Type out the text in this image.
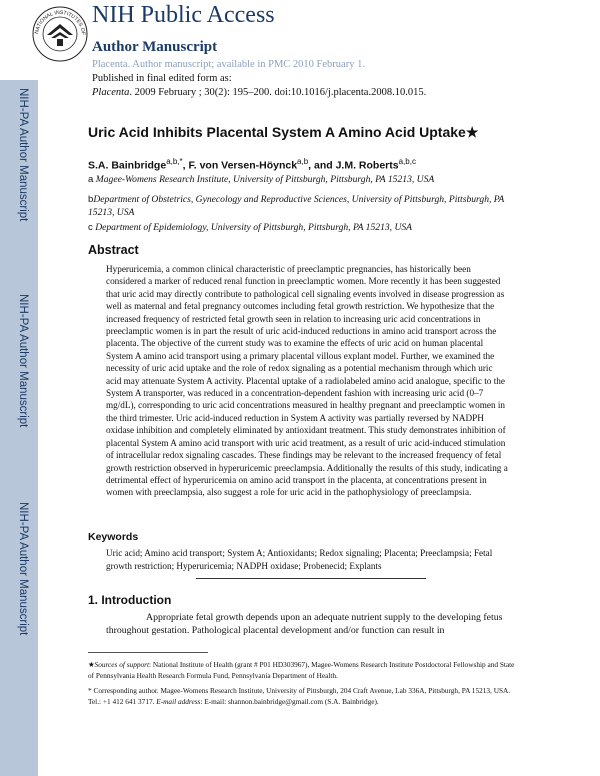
NIH-PA Author Manuscript
NIH-PA Author Manuscript
NIH-PA Author Manuscript
NATIONAL INSTITUTES OF
NIH Public Access
Author Manuscript
Placenta. Author manuscript; available in PMC 2010 February 1.
Published in final edited form as:
Placenta. 2009 February ; 30(2): 195–200. doi:10.1016/j.placenta.2008.10.015.
Uric Acid Inhibits Placental System A Amino Acid Uptake★
S.A. Bainbridge$^{a,b,*}$, F. von Versen-Höynck$^{a,b}$, and J.M. Roberts$^{a,b,c}$
a Magee-Womens Research Institute, University of Pittsburgh, Pittsburgh, PA 15213, USA
bDepartment of Obstetrics, Gynecology and Reproductive Sciences, University of Pittsburgh, Pittsburgh, PA 15213, USA
c Department of Epidemiology, University of Pittsburgh, Pittsburgh, PA 15213, USA
Abstract
Hyperuricemia, a common clinical characteristic of preeclamptic pregnancies, has historically been considered a marker of reduced renal function in preeclamptic women. More recently it has been suggested that uric acid may directly contribute to pathological cell signaling events involved in disease progression as well as maternal and fetal pregnancy outcomes including fetal growth restriction. We hypothesize that the increased frequency of restricted fetal growth seen in relation to increasing uric acid concentrations in preeclamptic women is in part the result of uric acid-induced reductions in amino acid transport across the placenta. The objective of the current study was to examine the effects of uric acid on human placental System A amino acid transport using a primary placental villous explant model. Further, we examined the necessity of uric acid uptake and the role of redox signaling as a potential mechanism through which uric acid may attenuate System A activity. Placental uptake of a radiolabeled amino acid analogue, specific to the System A transporter, was reduced in a concentration-dependent fashion with increasing uric acid (0–7 mg/dL), corresponding to uric acid concentrations measured in healthy pregnant and preeclamptic women in the third trimester. Uric acid-induced reduction in System A activity was partially reversed by NADPH oxidase inhibition and completely eliminated by antioxidant treatment. This study demonstrates inhibition of placental System A amino acid transport with uric acid treatment, as a result of uric acid-induced stimulation of intracellular redox signaling cascades. These findings may be relevant to the increased frequency of fetal growth restriction observed in hyperuricemic preeclampsia. Additionally the results of this study, indicating a detrimental effect of hyperuricemia on amino acid transport in the placenta, at concentrations present in women with preeclampsia, also suggest a role for uric acid in the pathophysiology of preeclampsia.
Keywords
Uric acid; Amino acid transport; System A; Antioxidants; Redox signaling; Placenta; Preeclampsia; Fetal growth restriction; Hyperuricemia; NADPH oxidase; Probenecid; Explants
1. Introduction
Appropriate fetal growth depends upon an adequate nutrient supply to the developing fetus throughout gestation. Pathological placental development and/or function can result in
★Sources of support: National Institute of Health (grant # P01 HD303967), Magee-Womens Research Institute Postdoctoral Fellowship and State of Pennsylvania Health Research Formula Fund, Pennsylvania Department of Health.
* Corresponding author. Magee-Womens Research Institute, University of Pittsburgh, 204 Craft Avenue, Lab 336A, Pittsburgh, PA 15213, USA. Tel.: +1 412 641 3717. E-mail address: E-mail: shannon.bainbridge@gmail.com (S.A. Bainbridge).
